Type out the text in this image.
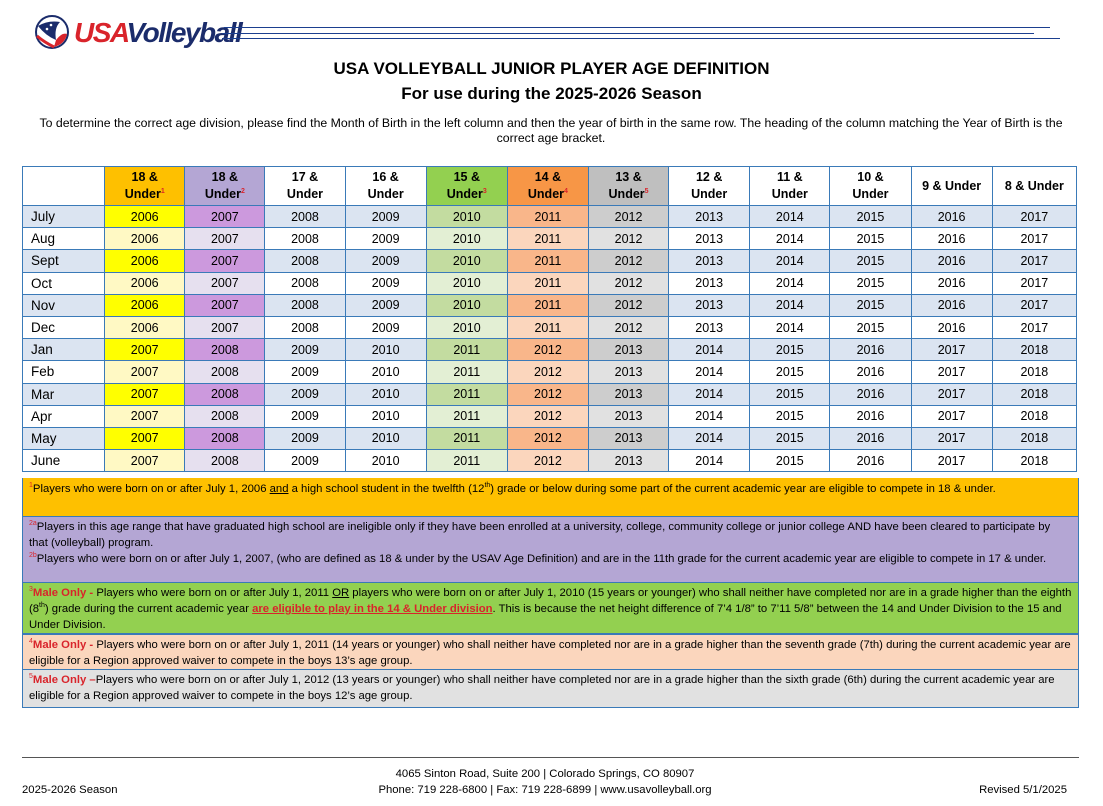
USAVolleyball
USA VOLLEYBALL JUNIOR PLAYER AGE DEFINITION
For use during the 2025-2026 Season
To determine the correct age division, please find the Month of Birth in the left column and then the year of birth in the same row. The heading of the column matching the Year of Birth is the correct age bracket.
	18 &
Under$^1$	18 &
Under$^2$	17 &
Under	16 &
Under	15 &
Under$^3$	14 &
Under$^4$	13 &
Under$^5$	12 &
Under	11 &
Under	10 &
Under	9 & Under	8 & Under
July	2006	2007	2008	2009	2010	2011	2012	2013	2014	2015	2016	2017
Aug	2006	2007	2008	2009	2010	2011	2012	2013	2014	2015	2016	2017
Sept	2006	2007	2008	2009	2010	2011	2012	2013	2014	2015	2016	2017
Oct	2006	2007	2008	2009	2010	2011	2012	2013	2014	2015	2016	2017
Nov	2006	2007	2008	2009	2010	2011	2012	2013	2014	2015	2016	2017
Dec	2006	2007	2008	2009	2010	2011	2012	2013	2014	2015	2016	2017
Jan	2007	2008	2009	2010	2011	2012	2013	2014	2015	2016	2017	2018
Feb	2007	2008	2009	2010	2011	2012	2013	2014	2015	2016	2017	2018
Mar	2007	2008	2009	2010	2011	2012	2013	2014	2015	2016	2017	2018
Apr	2007	2008	2009	2010	2011	2012	2013	2014	2015	2016	2017	2018
May	2007	2008	2009	2010	2011	2012	2013	2014	2015	2016	2017	2018
June	2007	2008	2009	2010	2011	2012	2013	2014	2015	2016	2017	2018

$^1$Players who were born on or after July 1, 2006 and a high school student in the twelfth (12th) grade or below during some part of the current academic year are eligible to compete in 18 & under.

$^{2a}$Players in this age range that have graduated high school are ineligible only if they have been enrolled at a university, college, community college or junior college AND have been cleared to participate by that (volleyball) program.

$^{2b}$Players who were born on or after July 1, 2007, (who are defined as 18 & under by the USAV Age Definition) and are in the 11th grade for the current academic year are eligible to compete in 17 & under.

$^3$Male Only - Players who were born on or after July 1, 2011 OR players who were born on or after July 1, 2010 (15 years or younger) who shall neither have completed nor are in a grade higher than the eighth (8th) grade during the current academic year are eligible to play in the 14 & Under division. This is because the net height difference of 7’4 1/8” to 7’11 5/8” between the 14 and Under Division to the 15 and Under Division.

$^4$Male Only - Players who were born on or after July 1, 2011 (14 years or younger) who shall neither have completed nor are in a grade higher than the seventh grade (7th) during the current academic year are eligible for a Region approved waiver to compete in the boys 13’s age group.

$^5$Male Only –Players who were born on or after July 1, 2012 (13 years or younger) who shall neither have completed nor are in a grade higher than the sixth grade (6th) during the current academic year are eligible for a Region approved waiver to compete in the boys 12’s age group.

4065 Sinton Road, Suite 200 | Colorado Springs, CO 80907
Phone: 719 228-6800 | Fax: 719 228-6899 | www.usavolleyball.org
2025-2026 Season	Revised 5/1/2025
